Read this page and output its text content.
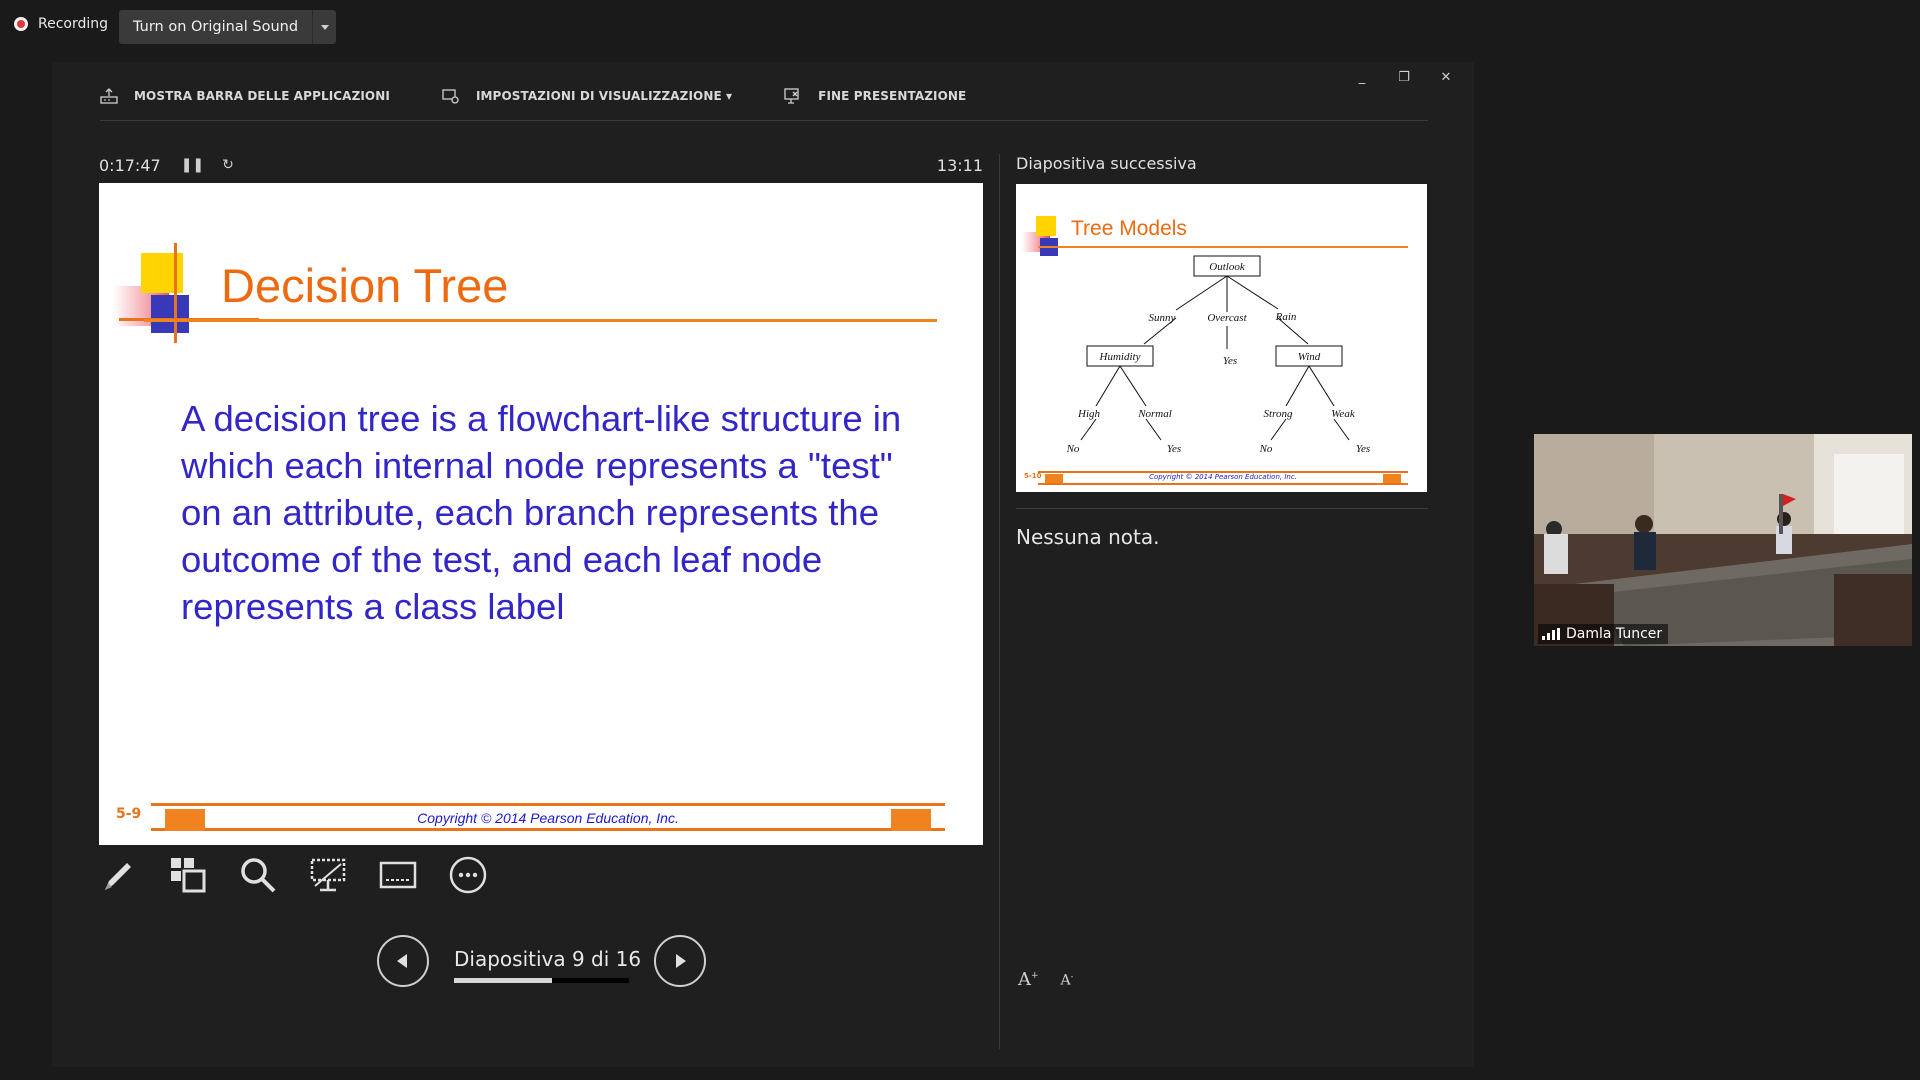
Recording	Turn on Original Sound
_	❐ ✕
MOSTRA BARRA DELLE APPLICAZIONI	IMPOSTAZIONI DI VISUALIZZAZIONE ▾	FINE PRESENTAZIONE
0:17:47 ❚❚ ↻	13:11
Decision Tree
A decision tree is a flowchart-like structure in which each internal node represents a "test" on an attribute, each branch represents the outcome of the test, and each leaf node represents a class label
5-9	Copyright © 2014 Pearson Education, Inc.
Diapositiva 9 di 16
Diapositiva successiva
Tree Models
Outlook
Sunny	Overcast	Rain
Humidity	Yes	Wind
High	Normal	Strong	Weak
No	Yes	No	Yes
5-10	Copyright © 2014 Pearson Education, Inc.
Nessuna nota.
A+ A-
Damla Tuncer
